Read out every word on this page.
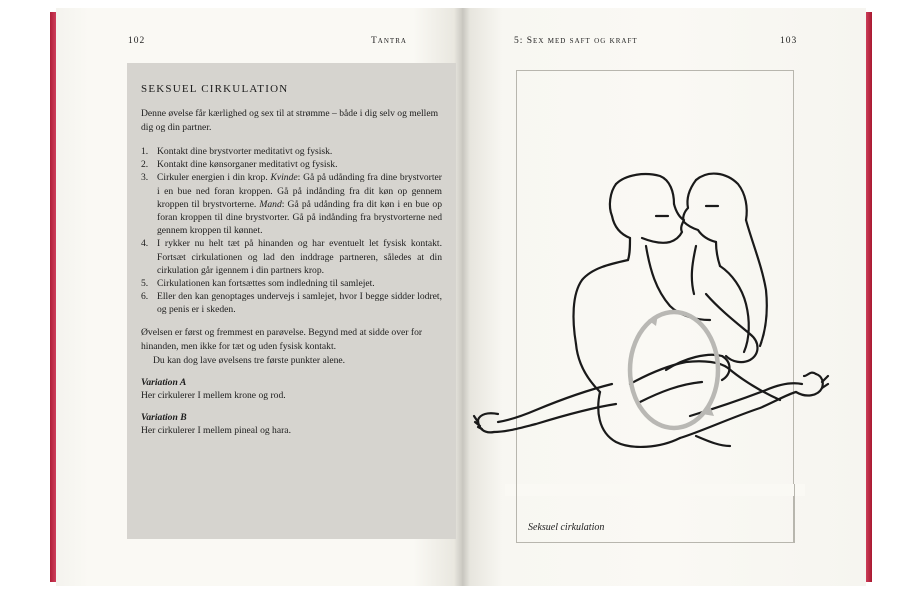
102	Tantra
SEKSUEL CIRKULATION

Denne øvelse får kærlighed og sex til at strømme – både i dig selv og mellem dig og din partner.

1. Kontakt dine brystvorter meditativt og fysisk.
2. Kontakt dine kønsorganer meditativt og fysisk.
3. Cirkuler energien i din krop. Kvinde: Gå på udånding fra dine brystvorter i en bue ned foran kroppen. Gå på indånding fra dit køn op gennem kroppen til brystvorterne. Mand: Gå på udånding fra dit køn i en bue op foran kroppen til dine brystvorter. Gå på indånding fra brystvorterne ned gennem kroppen til kønnet.
4. I rykker nu helt tæt på hinanden og har eventuelt let fysisk kontakt. Fortsæt cirkulationen og lad den inddrage partneren, således at din cirkulation går igennem i din partners krop.
5. Cirkulationen kan fortsættes som indledning til samlejet.
6. Eller den kan genoptages undervejs i samlejet, hvor I begge sidder lodret, og penis er i skeden.

Øvelsen er først og fremmest en parøvelse. Begynd med at sidde over for hinanden, men ikke for tæt og uden fysisk kontakt.

Du kan dog lave øvelsens tre første punkter alene.

Variation A

Her cirkulerer I mellem krone og rod.

Variation B

Her cirkulerer I mellem pineal og hara.

5: Sex med saft og kraft	103
Seksuel cirkulation
